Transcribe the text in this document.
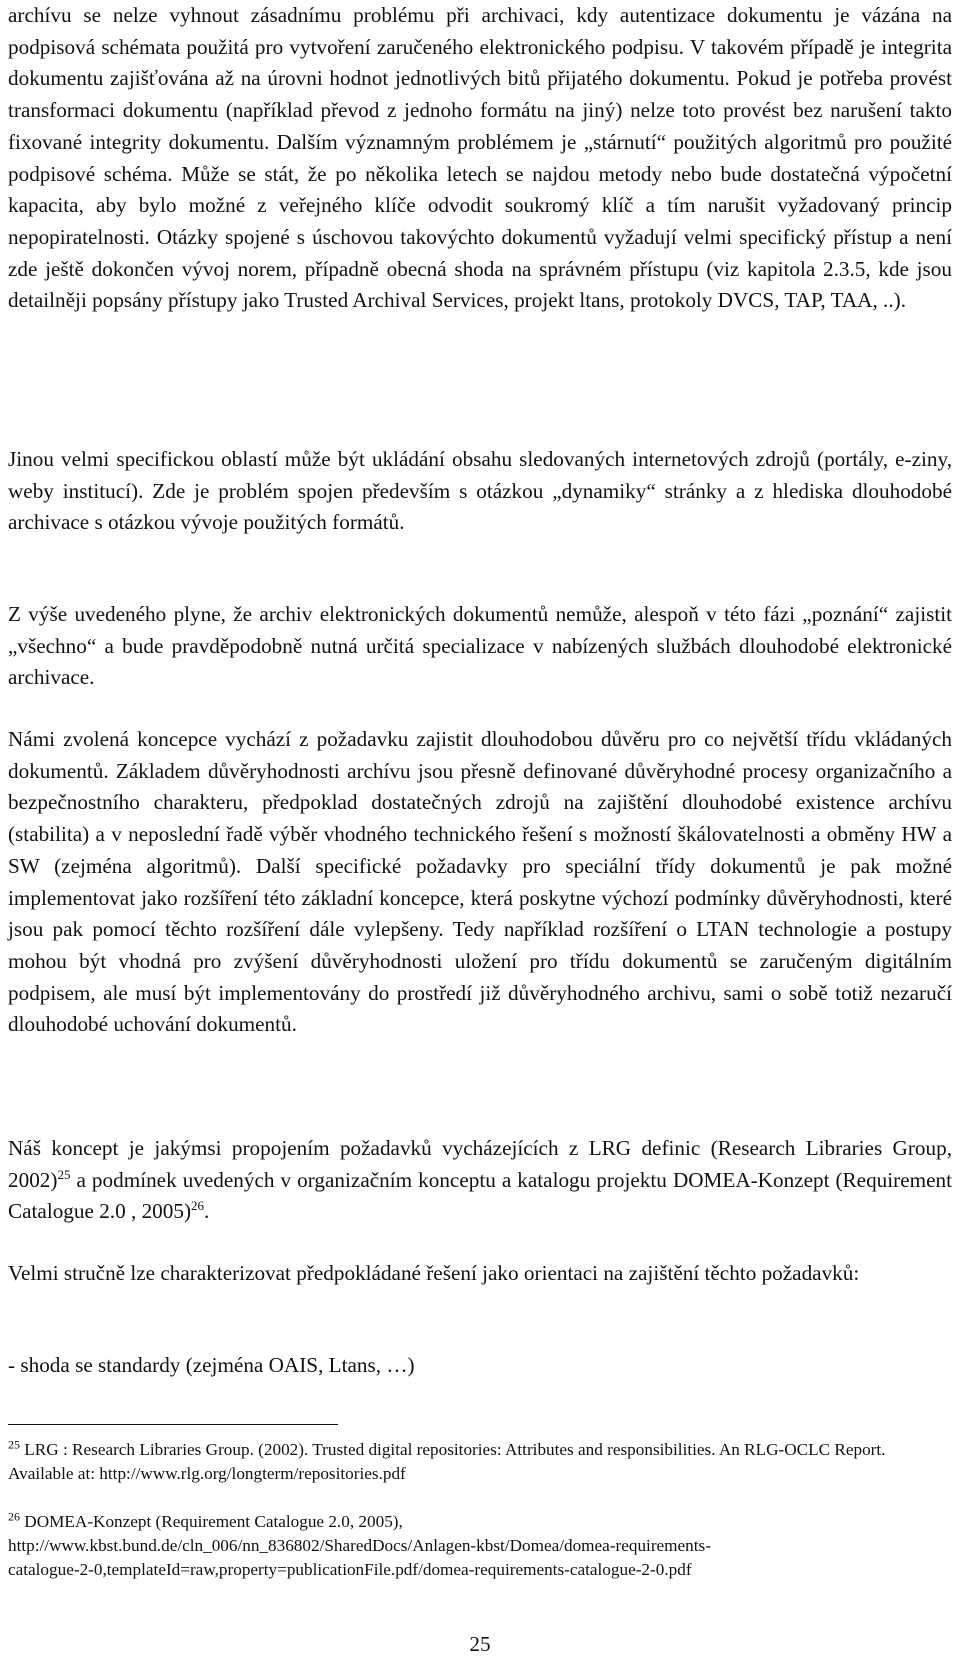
archívu se nelze vyhnout zásadnímu problému při archivaci, kdy autentizace dokumentu je vázána na podpisová schémata použitá pro vytvoření zaručeného elektronického podpisu. V takovém případě je integrita dokumentu zajišťována až na úrovni hodnot jednotlivých bitů přijatého dokumentu. Pokud je potřeba provést transformaci dokumentu (například převod z jednoho formátu na jiný) nelze toto provést bez narušení takto fixované integrity dokumentu. Dalším významným problémem je „stárnutí“ použitých algoritmů pro použité podpisové schéma. Může se stát, že po několika letech se najdou metody nebo bude dostatečná výpočetní kapacita, aby bylo možné z veřejného klíče odvodit soukromý klíč a tím narušit vyžadovaný princip nepopiratelnosti. Otázky spojené s úschovou takovýchto dokumentů vyžadují velmi specifický přístup a není zde ještě dokončen vývoj norem, případně obecná shoda na správném přístupu (viz kapitola 2.3.5, kde jsou detailněji popsány přístupy jako Trusted Archival Services, projekt ltans, protokoly DVCS, TAP, TAA, ..).

Jinou velmi specifickou oblastí může být ukládání obsahu sledovaných internetových zdrojů (portály, e-ziny, weby institucí). Zde je problém spojen především s otázkou „dynamiky“ stránky a z hlediska dlouhodobé archivace s otázkou vývoje použitých formátů.

Z výše uvedeného plyne, že archiv elektronických dokumentů nemůže, alespoň v této fázi „poznání“ zajistit „všechno“ a bude pravděpodobně nutná určitá specializace v nabízených službách dlouhodobé elektronické archivace.

Námi zvolená koncepce vychází z požadavku zajistit dlouhodobou důvěru pro co největší třídu vkládaných dokumentů. Základem důvěryhodnosti archívu jsou přesně definované důvěryhodné procesy organizačního a bezpečnostního charakteru, předpoklad dostatečných zdrojů na zajištění dlouhodobé existence archívu (stabilita) a v neposlední řadě výběr vhodného technického řešení s možností škálovatelnosti a obměny HW a SW (zejména algoritmů). Další specifické požadavky pro speciální třídy dokumentů je pak možné implementovat jako rozšíření této základní koncepce, která poskytne výchozí podmínky důvěryhodnosti, které jsou pak pomocí těchto rozšíření dále vylepšeny. Tedy například rozšíření o LTAN technologie a postupy mohou být vhodná pro zvýšení důvěryhodnosti uložení pro třídu dokumentů se zaručeným digitálním podpisem, ale musí být implementovány do prostředí již důvěryhodného archivu, sami o sobě totiž nezaručí dlouhodobé uchování dokumentů.

Náš koncept je jakýmsi propojením požadavků vycházejících z LRG definic (Research Libraries Group, 2002)$^{25}$ a podmínek uvedených v organizačním konceptu a katalogu projektu DOMEA-Konzept (Requirement Catalogue 2.0 , 2005)$^{26}$.

Velmi stručně lze charakterizovat předpokládané řešení jako orientaci na zajištění těchto požadavků:

- shoda se standardy (zejména OAIS, Ltans, …)

$^{25}$ LRG : Research Libraries Group. (2002). Trusted digital repositories: Attributes and responsibilities. An RLG-OCLC Report.
Available at: http://www.rlg.org/longterm/repositories.pdf

$^{26}$ DOMEA-Konzept (Requirement Catalogue 2.0, 2005),
http://www.kbst.bund.de/cln_006/nn_836802/SharedDocs/Anlagen-kbst/Domea/domea-requirements-
catalogue-2-0,templateId=raw,property=publicationFile.pdf/domea-requirements-catalogue-2-0.pdf

25
